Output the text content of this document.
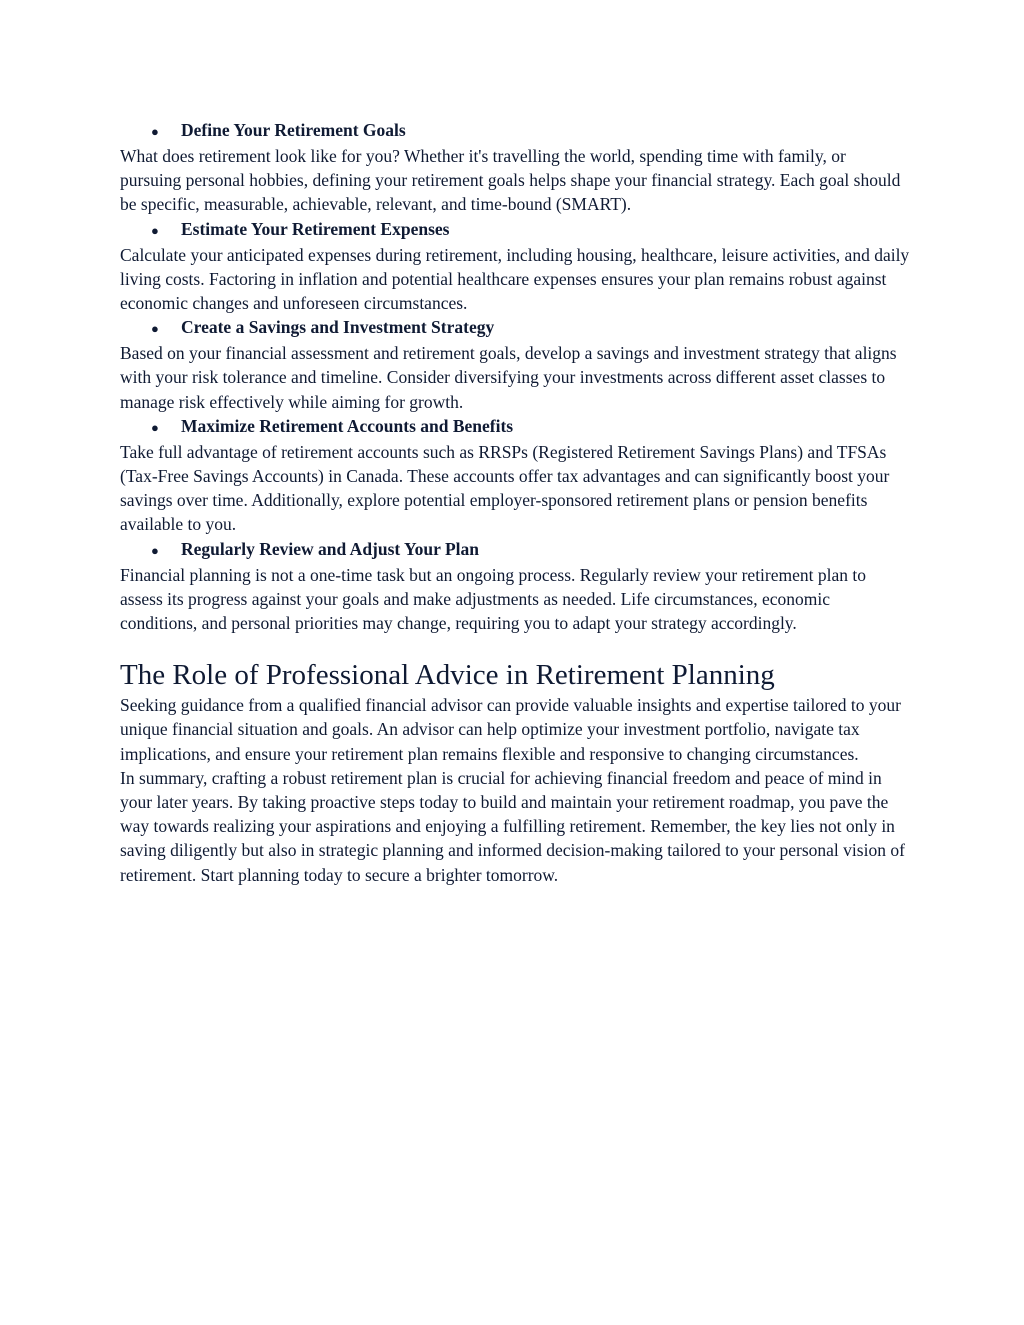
●	Define Your Retirement Goals
What does retirement look like for you? Whether it's travelling the world, spending time with family, or pursuing personal hobbies, defining your retirement goals helps shape your financial strategy. Each goal should be specific, measurable, achievable, relevant, and time-bound (SMART).
●	Estimate Your Retirement Expenses
Calculate your anticipated expenses during retirement, including housing, healthcare, leisure activities, and daily living costs. Factoring in inflation and potential healthcare expenses ensures your plan remains robust against economic changes and unforeseen circumstances.
●	Create a Savings and Investment Strategy
Based on your financial assessment and retirement goals, develop a savings and investment strategy that aligns with your risk tolerance and timeline. Consider diversifying your investments across different asset classes to manage risk effectively while aiming for growth.
●	Maximize Retirement Accounts and Benefits
Take full advantage of retirement accounts such as RRSPs (Registered Retirement Savings Plans) and TFSAs (Tax-Free Savings Accounts) in Canada. These accounts offer tax advantages and can significantly boost your savings over time. Additionally, explore potential employer-sponsored retirement plans or pension benefits available to you.
●	Regularly Review and Adjust Your Plan
Financial planning is not a one-time task but an ongoing process. Regularly review your retirement plan to assess its progress against your goals and make adjustments as needed. Life circumstances, economic conditions, and personal priorities may change, requiring you to adapt your strategy accordingly.
The Role of Professional Advice in Retirement Planning

Seeking guidance from a qualified financial advisor can provide valuable insights and expertise tailored to your unique financial situation and goals. An advisor can help optimize your investment portfolio, navigate tax implications, and ensure your retirement plan remains flexible and responsive to changing circumstances.

In summary, crafting a robust retirement plan is crucial for achieving financial freedom and peace of mind in your later years. By taking proactive steps today to build and maintain your retirement roadmap, you pave the way towards realizing your aspirations and enjoying a fulfilling retirement. Remember, the key lies not only in saving diligently but also in strategic planning and informed decision-making tailored to your personal vision of retirement. Start planning today to secure a brighter tomorrow.
